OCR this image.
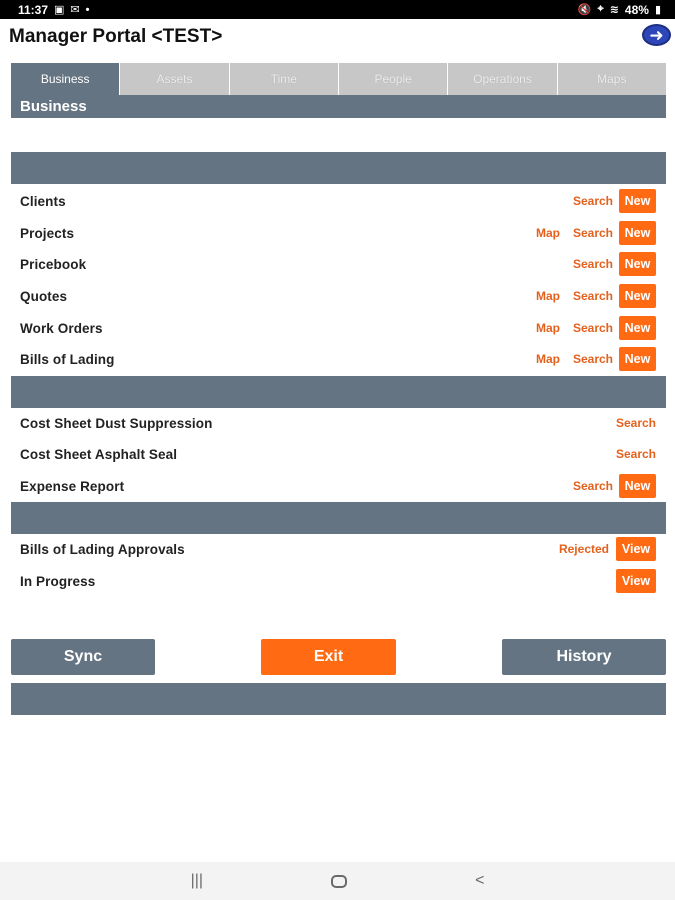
11:37 ▣ ✉ •	🔇 ⌖ ≋ 48% ▮
Manager Portal <TEST>	➜
Business	Assets	Time	People	Operations	Maps
Business
Clients	Search New
Projects	Map Search New
Pricebook	Search New
Quotes	Map Search New
Work Orders	Map Search New
Bills of Lading	Map Search New
Cost Sheet Dust Suppression	Search
Cost Sheet Asphalt Seal	Search
Expense Report	Search New
Bills of Lading Approvals	Rejected	View
In Progress	View
Sync	Exit	History
|||	<
